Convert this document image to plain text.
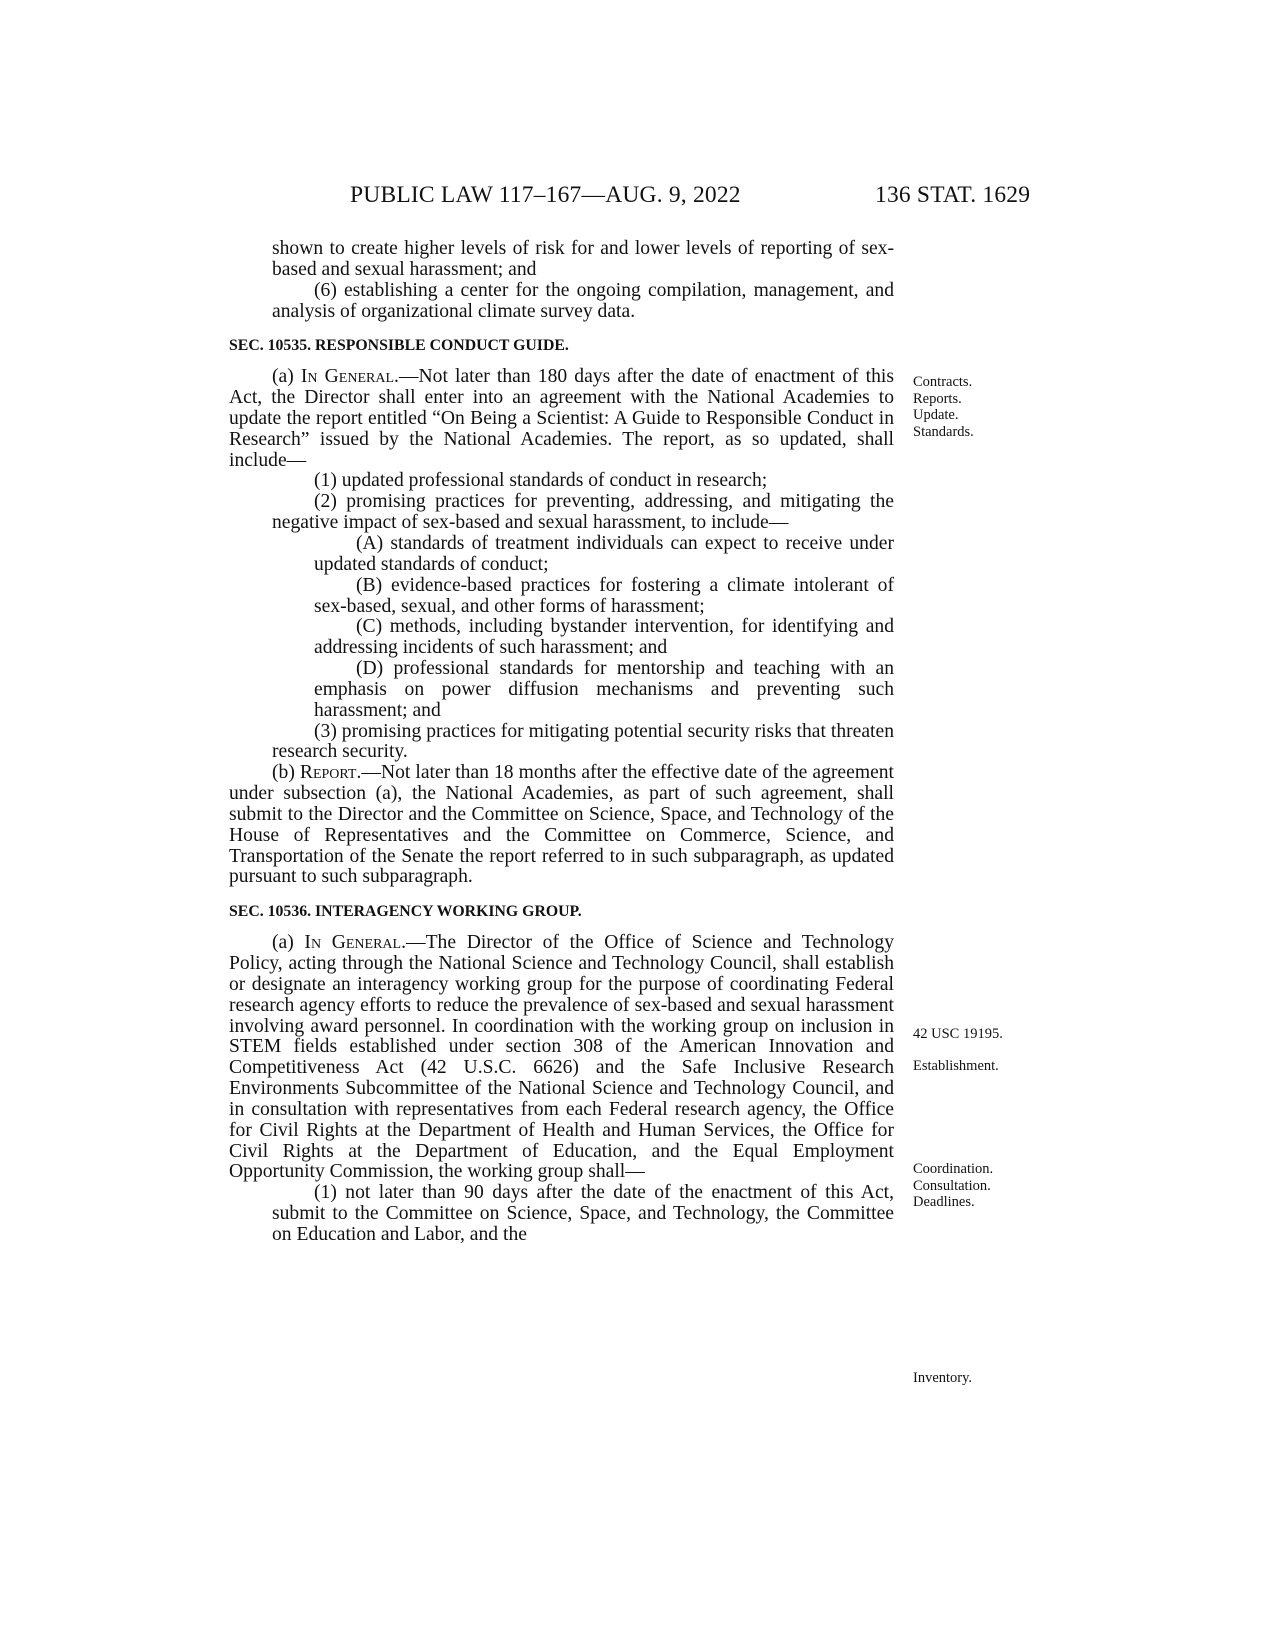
PUBLIC LAW 117–167—AUG. 9, 2022	136 STAT. 1629

shown to create higher levels of risk for and lower levels of reporting of sex- based and sexual harassment; and

(6) establishing a center for the ongoing compilation, management, and analysis of organizational climate survey data.

SEC. 10535. RESPONSIBLE CONDUCT GUIDE.

(a) In General.—Not later than 180 days after the date of enactment of this Act, the Director shall enter into an agreement with the National Academies to update the report entitled “On Being a Scientist: A Guide to Responsible Conduct in Research” issued by the National Academies. The report, as so updated, shall include—

(1) updated professional standards of conduct in research;

(2) promising practices for preventing, addressing, and mitigating the negative impact of sex-based and sexual harassment, to include—

(A) standards of treatment individuals can expect to receive under updated standards of conduct;

(B) evidence-based practices for fostering a climate intolerant of sex-based, sexual, and other forms of harassment;

(C) methods, including bystander intervention, for identifying and addressing incidents of such harassment; and

(D) professional standards for mentorship and teaching with an emphasis on power diffusion mechanisms and preventing such harassment; and

(3) promising practices for mitigating potential security risks that threaten research security.

(b) Report.—Not later than 18 months after the effective date of the agreement under subsection (a), the National Academies, as part of such agreement, shall submit to the Director and the Committee on Science, Space, and Technology of the House of Representatives and the Committee on Commerce, Science, and Transportation of the Senate the report referred to in such subparagraph, as updated pursuant to such subparagraph.

SEC. 10536. INTERAGENCY WORKING GROUP.

(a) In General.—The Director of the Office of Science and Technology Policy, acting through the National Science and Technology Council, shall establish or designate an interagency working group for the purpose of coordinating Federal research agency efforts to reduce the prevalence of sex-based and sexual harassment involving award personnel. In coordination with the working group on inclusion in STEM fields established under section 308 of the American Innovation and Competitiveness Act (42 U.S.C. 6626) and the Safe Inclusive Research Environments Subcommittee of the National Science and Technology Council, and in consultation with representatives from each Federal research agency, the Office for Civil Rights at the Department of Health and Human Services, the Office for Civil Rights at the Department of Education, and the Equal Employment Opportunity Commission, the working group shall—

(1) not later than 90 days after the date of the enactment of this Act, submit to the Committee on Science, Space, and Technology, the Committee on Education and Labor, and the

Contracts.
Reports.
Update.
Standards.
42 USC 19195.
Establishment.
Coordination.
Consultation.
Deadlines.
Inventory.
